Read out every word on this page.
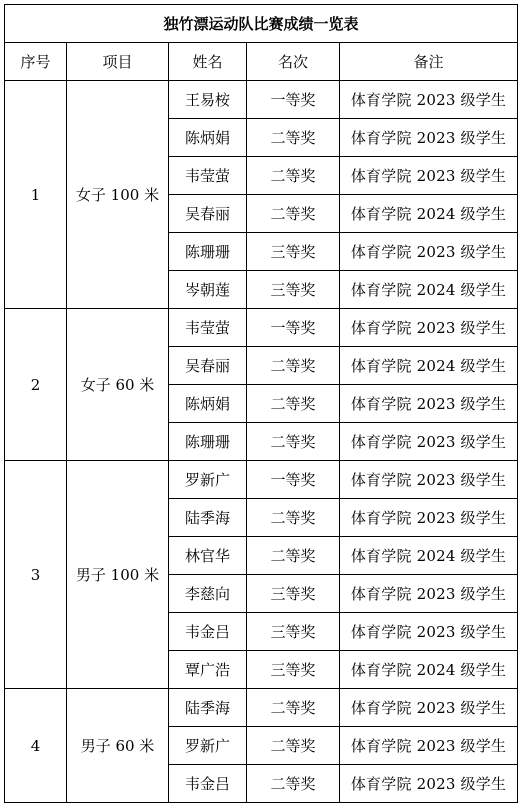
独竹漂运动队比赛成绩一览表				
序号	项目	姓名	名次	备注
1	女子 100 米	王易桉	一等奖	体育学院 2023 级学生
		陈炳娟	二等奖	体育学院 2023 级学生
		韦莹萤	二等奖	体育学院 2023 级学生
		吴春丽	二等奖	体育学院 2024 级学生
		陈珊珊	三等奖	体育学院 2023 级学生
		岑朝莲	三等奖	体育学院 2024 级学生
2	女子 60 米	韦莹萤	一等奖	体育学院 2023 级学生
		吴春丽	二等奖	体育学院 2024 级学生
		陈炳娟	二等奖	体育学院 2023 级学生
		陈珊珊	二等奖	体育学院 2023 级学生
3	男子 100 米	罗新广	一等奖	体育学院 2023 级学生
		陆季海	二等奖	体育学院 2023 级学生
		林官华	二等奖	体育学院 2024 级学生
		李慈向	三等奖	体育学院 2023 级学生
		韦金吕	三等奖	体育学院 2023 级学生
		覃广浩	三等奖	体育学院 2024 级学生
4	男子 60 米	陆季海	二等奖	体育学院 2023 级学生
		罗新广	二等奖	体育学院 2023 级学生
		韦金吕	二等奖	体育学院 2023 级学生
